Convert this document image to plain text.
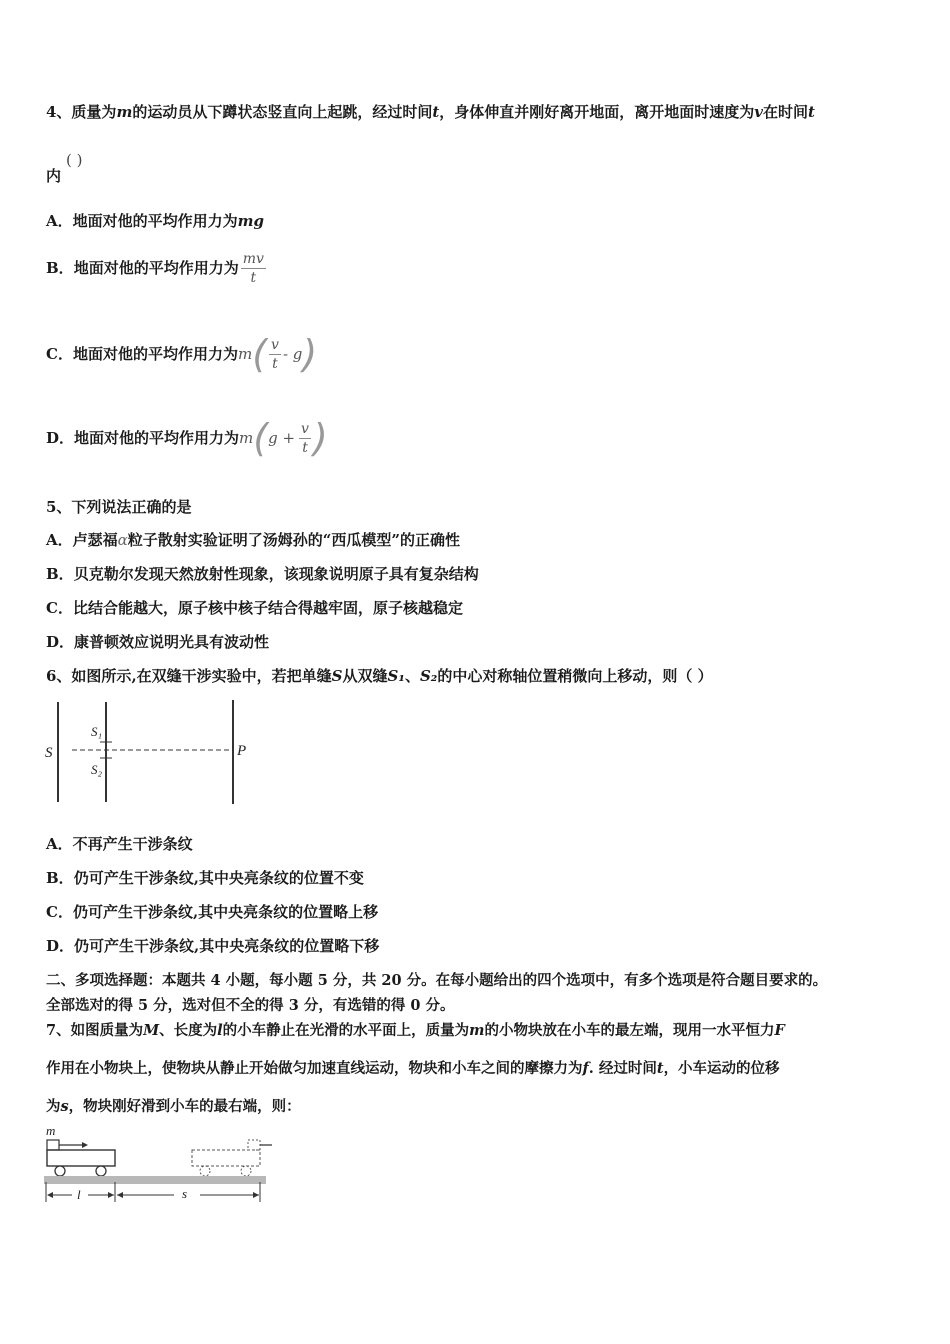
4、质量为m的运动员从下蹲状态竖直向上起跳，经过时间t，身体伸直并刚好离开地面，离开地面时速度为v在时间t
内
( )
A．地面对他的平均作用力为mg
B． 地面对他的平均作用力为 $\frac{mv}{t}$
C． 地面对他的平均作用力为 m ( $\frac{v}{t}$ - g )
D． 地面对他的平均作用力为 m ( $g + \frac{v}{t}$ )
5、下列说法正确的是
A．卢瑟福α粒子散射实验证明了汤姆孙的“西瓜模型”的正确性
B．贝克勒尔发现天然放射性现象，该现象说明原子具有复杂结构
C．比结合能越大，原子核中核子结合得越牢固，原子核越稳定
D．康普顿效应说明光具有波动性
6、如图所示,在双缝干涉实验中，若把单缝S从双缝S₁、S₂的中心对称轴位置稍微向上移动，则（ ）
S
S₁
S₂
P
A．不再产生干涉条纹
B．仍可产生干涉条纹,其中央亮条纹的位置不变
C．仍可产生干涉条纹,其中央亮条纹的位置略上移
D．仍可产生干涉条纹,其中央亮条纹的位置略下移
二、多项选择题：本题共 4 小题，每小题 5 分，共 20 分。在每小题给出的四个选项中，有多个选项是符合题目要求的。
全部选对的得 5 分，选对但不全的得 3 分，有选错的得 0 分。
7、如图质量为M、长度为l的小车静止在光滑的水平面上，质量为m的小物块放在小车的最左端，现用一水平恒力F
作用在小物块上，使物块从静止开始做匀加速直线运动，物块和小车之间的摩擦力为f. 经过时间t，小车运动的位移
为s，物块刚好滑到小车的最右端，则：
m
l	s
